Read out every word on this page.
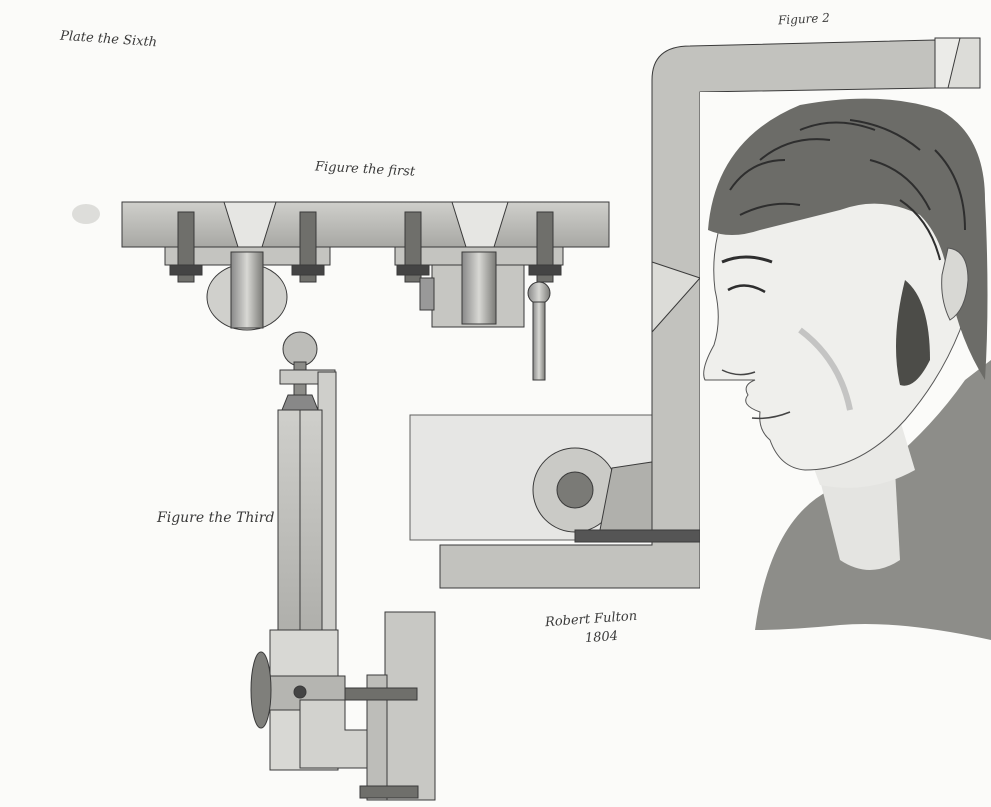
Plate the Sixth
Figure the first
Figure 2
Figure the Third
Robert Fulton
1804
